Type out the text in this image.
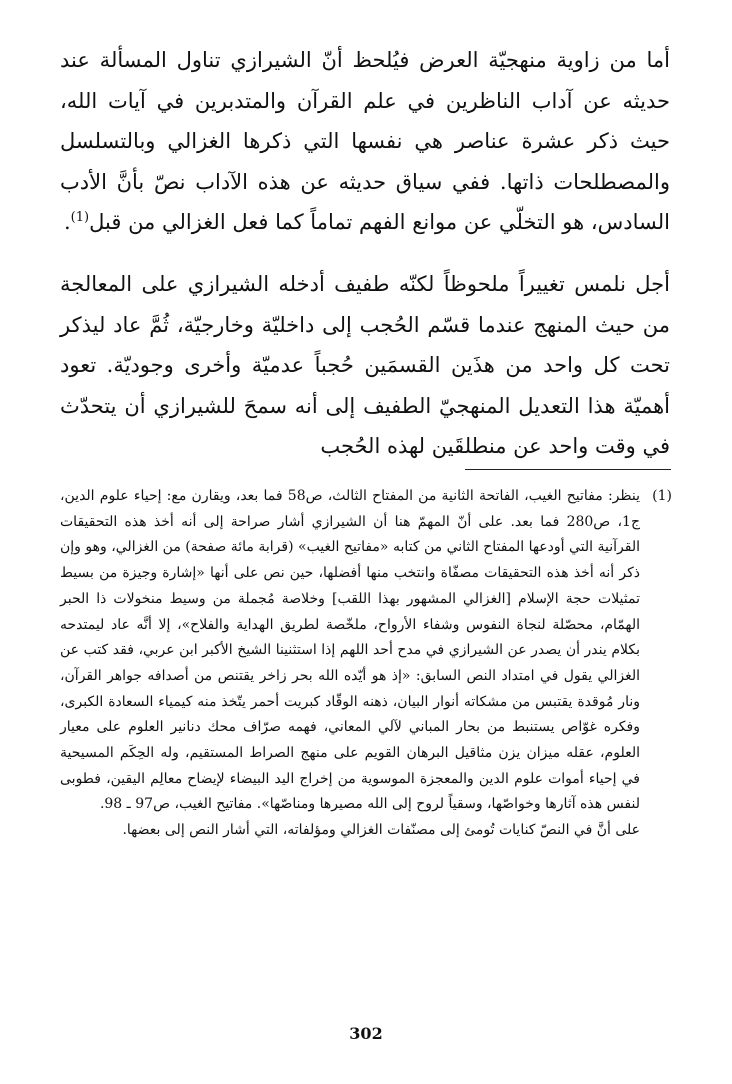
أما من زاوية منهجيّة العرض فيُلحظ أنّ الشيرازي تناول المسألة عند حديثه عن آداب الناظرين في علم القرآن والمتدبرين في آيات الله، حيث ذكر عشرة عناصر هي نفسها التي ذكرها الغزالي وبالتسلسل والمصطلحات ذاتها. ففي سياق حديثه عن هذه الآداب نصّ بأنَّ الأدب السادس، هو التخلّي عن موانع الفهم تماماً كما فعل الغزالي من قبل$^{(1)}$.

أجل نلمس تغييراً ملحوظاً لكنّه طفيف أدخله الشيرازي على المعالجة من حيث المنهج عندما قسّم الحُجب إلى داخليّة وخارجيّة، ثُمَّ عاد ليذكر تحت كل واحد من هذَين القسمَين حُجباً عدميّة وأخرى وجوديّة. تعود أهميّة هذا التعديل المنهجيّ الطفيف إلى أنه سمحَ للشيرازي أن يتحدّث في وقت واحد عن منطلقَين لهذه الحُجب

(1)
ينظر: مفاتيح الغيب، الفاتحة الثانية من المفتاح الثالث، ص58 فما بعد، ويقارن مع: إحياء علوم الدين، ج1، ص280 فما بعد. على أنّ المهمّ هنا أن الشيرازي أشار صراحة إلى أنه أخذ هذه التحقيقات القرآنية التي أودعها المفتاح الثاني من كتابه «مفاتيح الغيب» (قرابة مائة صفحة) من الغزالي، وهو وإن ذكر أنه أخذ هذه التحقيقات مصفّاة وانتخب منها أفضلها، حين نص على أنها «إشارة وجيزة من بسيط تمثيلات حجة الإسلام [الغزالي المشهور بهذا اللقب] وخلاصة مُجملة من وسيط منخولات ذا الحبر الهمّام، محصّلة لنجاة النفوس وشفاء الأرواح، ملخّصة لطريق الهداية والفلاح»، إلا أنَّه عاد ليمتدحه بكلام يندر أن يصدر عن الشيرازي في مدح أحد اللهم إذا استثنينا الشيخ الأكبر ابن عربي، فقد كتب عن الغزالي يقول في امتداد النص السابق: «إذ هو أيّده الله بحر زاخر يقتنص من أصدافه جواهر القرآن، ونار مُوقدة يقتبس من مشكاته أنوار البيان، ذهنه الوقّاد كبريت أحمر يتّخذ منه كيمياء السعادة الكبرى، وفكره غوّاص يستنبط من بحار المباني لآلي المعاني، فهمه صرّاف محك دنانير العلوم على معيار العلوم، عقله ميزان يزن مثاقيل البرهان القويم على منهج الصراط المستقيم، وله الحِكَم المسيحية في إحياء أموات علوم الدين والمعجزة الموسوية من إخراج اليد البيضاء لإيضاح معالِم اليقين، فطوبى لنفس هذه آثارها وخواصّها، وسقياً لروح إلى الله مصيرها ومناصّها». مفاتيح الغيب، ص97 ـ 98.
على أنَّ في النصّ كنايات تُومئ إلى مصنّفات الغزالي ومؤلفاته، التي أشار النص إلى بعضها.
302
